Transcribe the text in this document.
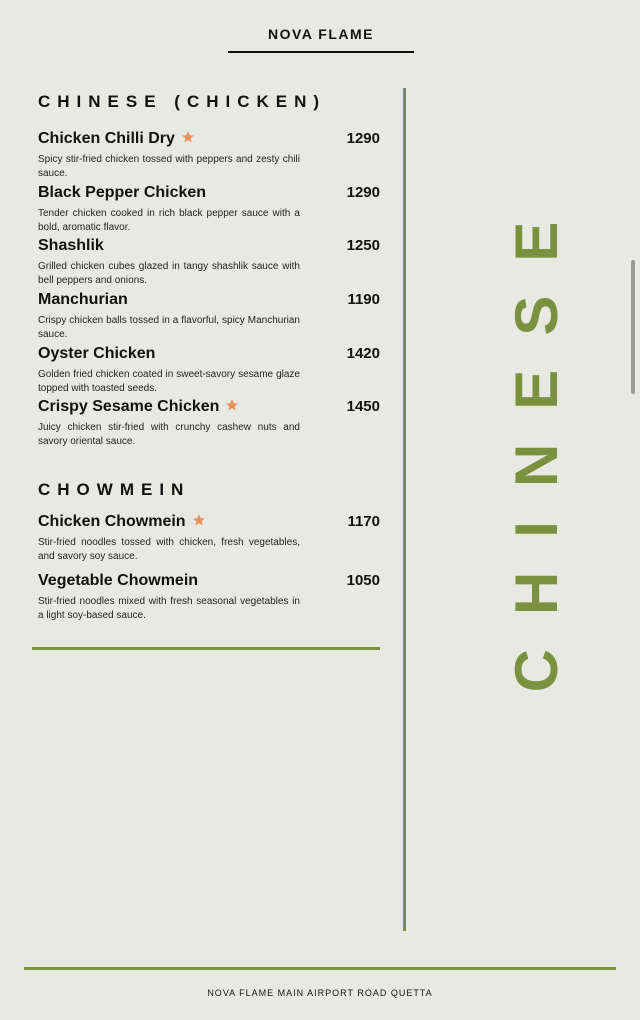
NOVA FLAME
CHINESE (CHICKEN)
Chicken Chilli Dry	1290
Spicy stir-fried chicken tossed with peppers and zesty chili sauce.
Black Pepper Chicken	1290
Tender chicken cooked in rich black pepper sauce with a bold, aromatic flavor.
Shashlik	1250
Grilled chicken cubes glazed in tangy shashlik sauce with bell peppers and onions.
Manchurian	1190
Crispy chicken balls tossed in a flavorful, spicy Manchurian sauce.
Oyster Chicken	1420
Golden fried chicken coated in sweet-savory sesame glaze topped with toasted seeds.
Crispy Sesame Chicken	1450
Juicy chicken stir-fried with crunchy cashew nuts and savory oriental sauce.
CHOWMEIN
Chicken Chowmein	1170
Stir-fried noodles tossed with chicken, fresh vegetables, and savory soy sauce.
Vegetable Chowmein	1050
Stir-fried noodles mixed with fresh seasonal vegetables in a light soy-based sauce.	CHINESE
NOVA FLAME MAIN AIRPORT ROAD QUETTA
